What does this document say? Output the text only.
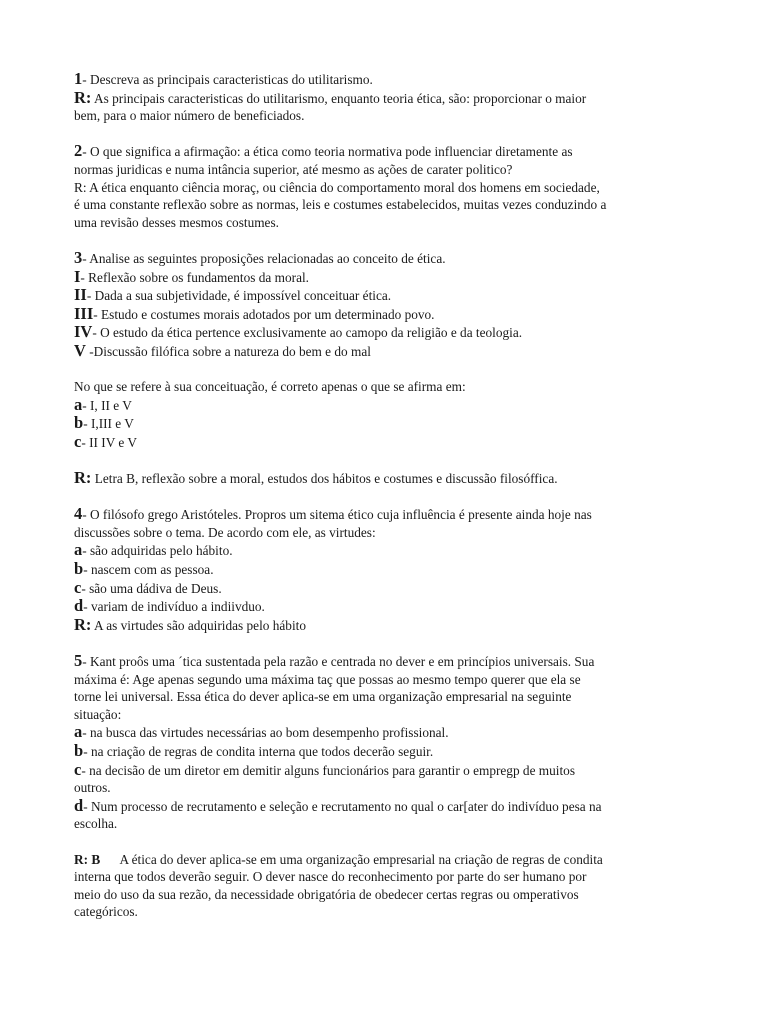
1- Descreva as principais caracteristicas do utilitarismo.
R: As principais caracteristicas do utilitarismo, enquanto teoria ética, são: proporcionar o maior
bem, para o maior número de beneficiados.
2- O que significa a afirmação: a ética como teoria normativa pode influenciar diretamente as
normas juridicas e numa intância superior, até mesmo as ações de carater politico?
R: A ética enquanto ciência moraç, ou ciência do comportamento moral dos homens em sociedade,
é uma constante reflexão sobre as normas, leis e costumes estabelecidos, muitas vezes conduzindo a
uma revisão desses mesmos costumes.
3- Analise as seguintes proposições relacionadas ao conceito de ética.
I- Reflexão sobre os fundamentos da moral.
II- Dada a sua subjetividade, é impossível conceituar ética.
III- Estudo e costumes morais adotados por um determinado povo.
IV- O estudo da ética pertence exclusivamente ao camopo da religião e da teologia.
V -Discussão filófica sobre a natureza do bem e do mal
No que se refere à sua conceituação, é correto apenas o que se afirma em:
a- I, II e V
b- I,III e V
c- II IV e V
R: Letra B, reflexão sobre a moral, estudos dos hábitos e costumes e discussão filosóffica.
4- O filósofo grego Aristóteles. Propros um sitema ético cuja influência é presente ainda hoje nas
discussões sobre o tema. De acordo com ele, as virtudes:
a- são adquiridas pelo hábito.
b- nascem com as pessoa.
c- são uma dádiva de Deus.
d- variam de indivíduo a indiivduo.
R: A as virtudes são adquiridas pelo hábito
5- Kant proôs uma ´tica sustentada pela razão e centrada no dever e em princípios universais. Sua
máxima é: Age apenas segundo uma máxima taç que possas ao mesmo tempo querer que ela se
torne lei universal. Essa ética do dever aplica-se em uma organização empresarial na seguinte
situação:
a- na busca das virtudes necessárias ao bom desempenho profissional.
b- na criação de regras de condita interna que todos decerão seguir.
c- na decisão de um diretor em demitir alguns funcionários para garantir o empregp de muitos
outros.
d- Num processo de recrutamento e seleção e recrutamento no qual o car[ater do indivíduo pesa na
escolha.
R: B      A ética do dever aplica-se em uma organização empresarial na criação de regras de condita
interna que todos deverão seguir. O dever nasce do reconhecimento por parte do ser humano por
meio do uso da sua rezão, da necessidade obrigatória de obedecer certas regras ou omperativos
categóricos.
